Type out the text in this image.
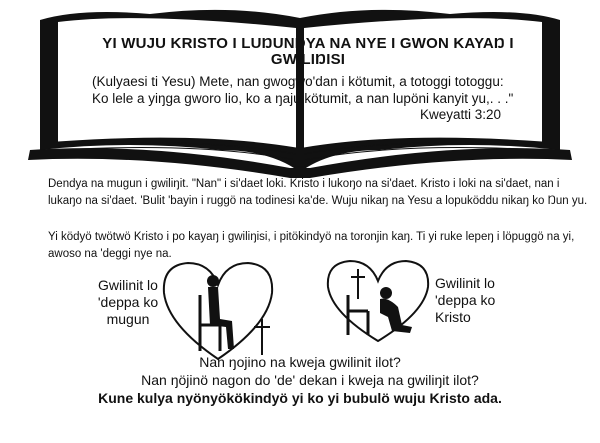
YI WUJU KRISTO I LUŊUNDYA NA NYE I GWON KAYAŊ I GWILIŊISI

(Kulyaesi ti Yesu) Mete, nan gwogwo'dan i kötumit, a totoggi totoggu: Ko lele a yiŋga gworo lio, ko a ŋaju kötumit, a nan lupöni kanyit yu,. . ."

Kweyatti 3:20

Dendya na mugun i gwiliŋit. "Nan" i si'daet loki. Kristo i lukoŋo na si'daet. Kristo i loki na si'daet, nan i lukaŋo na si'daet. 'Bulit 'bayin i ruggö na todinesi ka'de. Wuju nikaŋ na Yesu a lopuköddu nikaŋ ko Ŋun yu.

Yi ködyö twötwö Kristo i po kayaŋ i gwiliŋisi, i pitökindyö na toronjin kaŋ. Ti yi ruke lepeŋ i löpuggö na yi, awoso na 'deggi nye na.

Gwilinit lo 'deppa ko mugun

Gwilinit lo 'deppa ko Kristo

Nan ŋojino na kweja gwilinit ilot?

Nan ŋöjinö nagon do 'de' dekan i kweja na gwiliŋit ilot?

Kune kulya nyönyökökindyö yi ko yi bubulö wuju Kristo ada.
